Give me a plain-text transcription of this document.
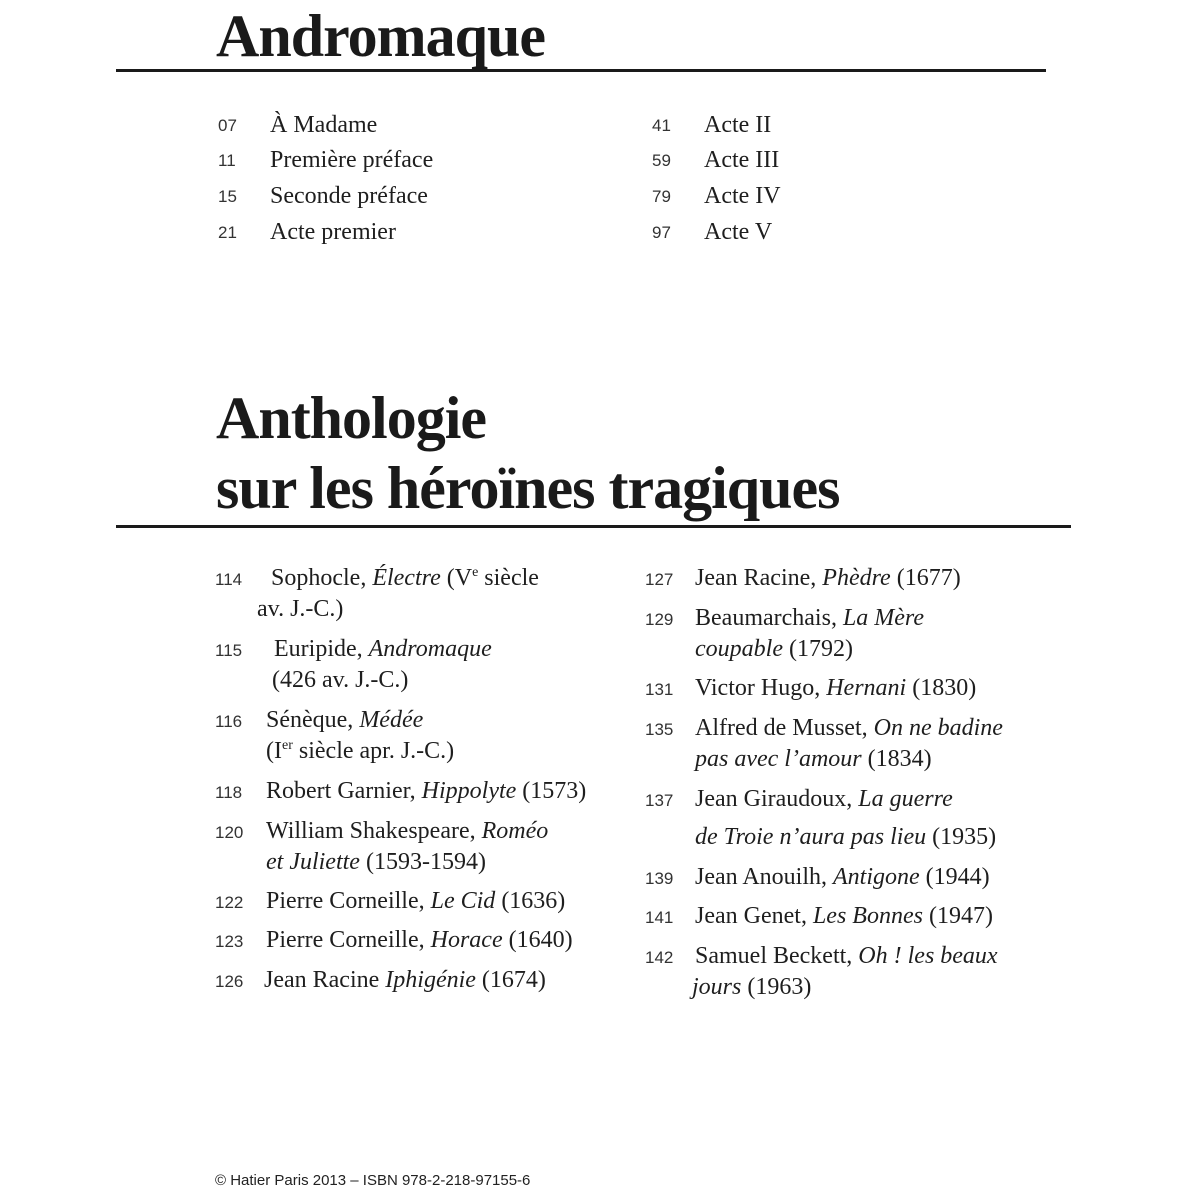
Andromaque
07 À Madame
11 Première préface
15 Seconde préface
21 Acte premier
41 Acte II
59 Acte III
79 Acte IV
97 Acte V
Anthologie
sur les héroïnes tragiques
114 Sophocle, Électre (Ve siècle
av. J.-C.)
115 Euripide, Andromaque
(426 av. J.-C.)
116 Sénèque, Médée
(Ier siècle apr. J.-C.)
118 Robert Garnier, Hippolyte (1573)
120 William Shakespeare, Roméo
et Juliette (1593-1594)
122 Pierre Corneille, Le Cid (1636)
123 Pierre Corneille, Horace (1640)
126 Jean Racine Iphigénie (1674)
127 Jean Racine, Phèdre (1677)
129 Beaumarchais, La Mère
coupable (1792)
131 Victor Hugo, Hernani (1830)
135 Alfred de Musset, On ne badine
pas avec l’amour (1834)
137 Jean Giraudoux, La guerre
de Troie n’aura pas lieu (1935)
139 Jean Anouilh, Antigone (1944)
141 Jean Genet, Les Bonnes (1947)
142 Samuel Beckett, Oh ! les beaux
jours (1963)
© Hatier Paris 2013 – ISBN 978-2-218-97155-6
